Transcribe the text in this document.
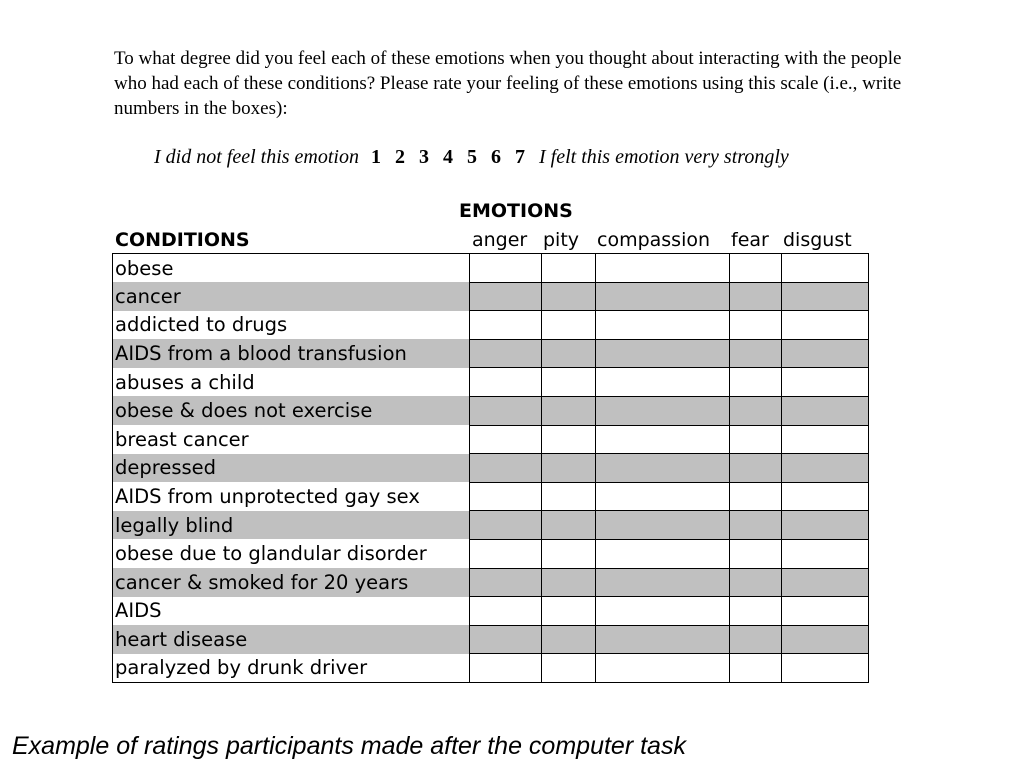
To what degree did you feel each of these emotions when you thought about interacting with the people who had each of these conditions? Please rate your feeling of these emotions using this scale (i.e., write numbers in the boxes):

I did not feel this emotion 1 2 3 4 5 6 7 I felt this emotion very strongly
EMOTIONS
CONDITIONS	anger pity compassion fear disgust
obese					
cancer					
addicted to drugs					
AIDS from a blood transfusion					
abuses a child					
obese & does not exercise					
breast cancer					
depressed					
AIDS from unprotected gay sex					
legally blind					
obese due to glandular disorder					
cancer & smoked for 20 years					
AIDS					
heart disease					
paralyzed by drunk driver					
Example of ratings participants made after the computer task
